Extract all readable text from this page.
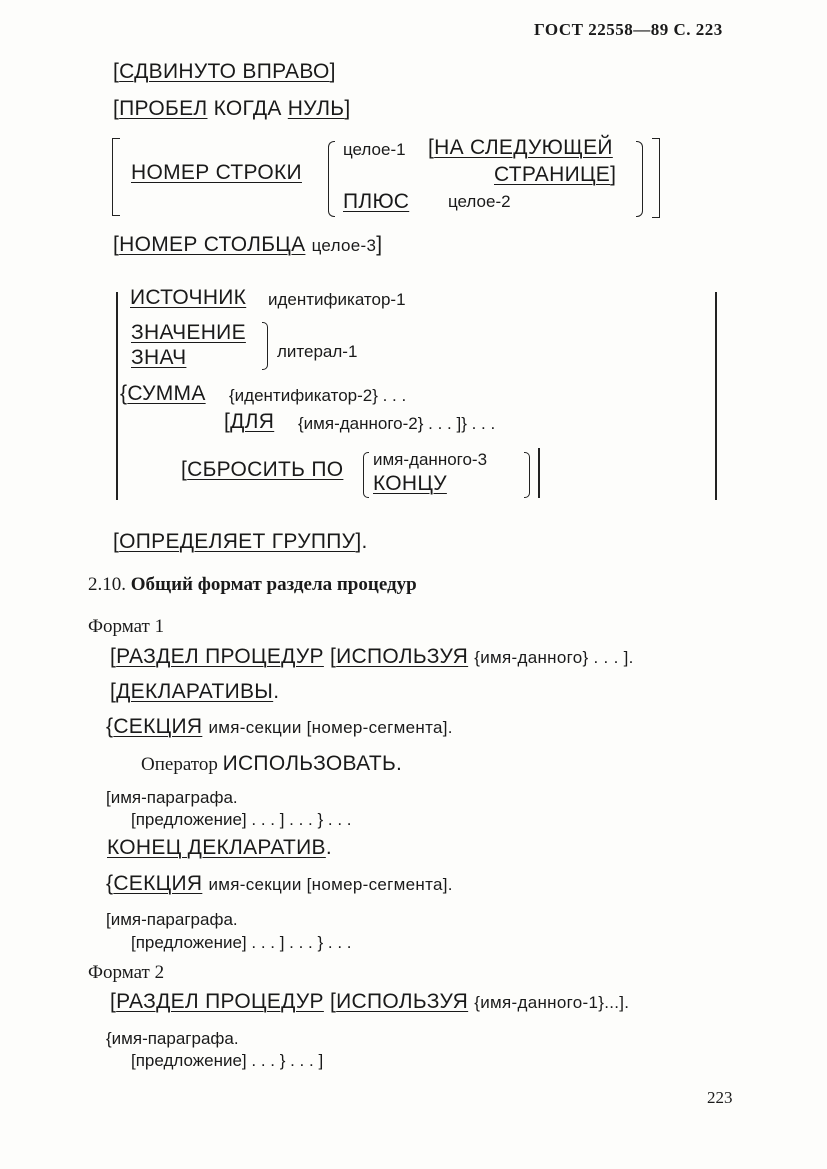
ГОСТ 22558—89 С. 223
[СДВИНУТО ВПРАВО]
[ПРОБЕЛ КОГДА НУЛЬ]
НОМЕР СТРОКИ
целое-1 [НА СЛЕДУЮЩЕЙ
СТРАНИЦЕ]
ПЛЮС целое-2
[НОМЕР СТОЛБЦА целое-3]
ИСТОЧНИК идентификатор-1
ЗНАЧЕНИЕ
ЗНАЧ	литерал-1
{СУММА {идентификатор-2} . . .
[ДЛЯ {имя-данного-2} . . . ]} . . .
[СБРОСИТЬ ПО имя-данного-3
КОНЦУ
[ОПРЕДЕЛЯЕТ ГРУППУ].
2.10. Общий формат раздела процедур
Формат 1
[РАЗДЕЛ ПРОЦЕДУР [ИСПОЛЬЗУЯ {имя-данного} . . . ].
[ДЕКЛАРАТИВЫ.
{СЕКЦИЯ имя-секции [номер-сегмента].
Оператор ИСПОЛЬЗОВАТЬ.
[имя-параграфа.
[предложение] . . . ] . . . } . . .
КОНЕЦ ДЕКЛАРАТИВ.
{СЕКЦИЯ имя-секции [номер-сегмента].
[имя-параграфа.
[предложение] . . . ] . . . } . . .
Формат 2
[РАЗДЕЛ ПРОЦЕДУР [ИСПОЛЬЗУЯ {имя-данного-1}...].
{имя-параграфа.
[предложение] . . . } . . . ]
223
